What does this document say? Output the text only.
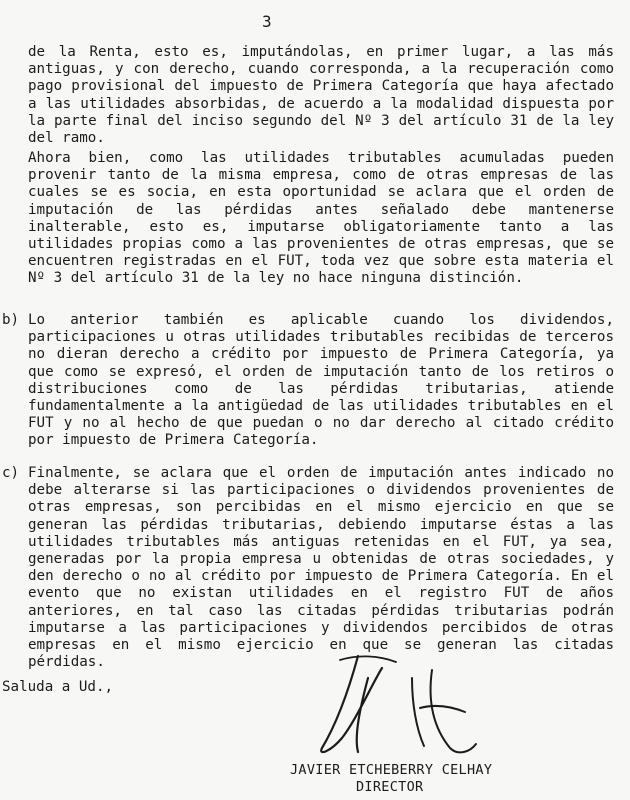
3

de la Renta, esto es, imputándolas, en primer lugar, a las más antiguas, y con derecho, cuando corresponda, a la recuperación como pago provisional del impuesto de Primera Categoría que haya afectado a las utilidades absorbidas, de acuerdo a la modalidad dispuesta por la parte final del inciso segundo del Nº 3 del artículo 31 de la ley del ramo.

Ahora bien, como las utilidades tributables acumuladas pueden provenir tanto de la misma empresa, como de otras empresas de las cuales se es socia, en esta oportunidad se aclara que el orden de imputación de las pérdidas antes señalado debe mantenerse inalterable, esto es, imputarse obligatoriamente tanto a las utilidades propias como a las provenientes de otras empresas, que se encuentren registradas en el FUT, toda vez que sobre esta materia el Nº 3 del artículo 31 de la ley no hace ninguna distinción.

b) Lo anterior también es aplicable cuando los dividendos, participaciones u otras utilidades tributables recibidas de terceros no dieran derecho a crédito por impuesto de Primera Categoría, ya que como se expresó, el orden de imputación tanto de los retiros o distribuciones como de las pérdidas tributarias, atiende fundamentalmente a la antigüedad de las utilidades tributables en el FUT y no al hecho de que puedan o no dar derecho al citado crédito por impuesto de Primera Categoría.

c) Finalmente, se aclara que el orden de imputación antes indicado no debe alterarse si las participaciones o dividendos provenientes de otras empresas, son percibidas en el mismo ejercicio en que se generan las pérdidas tributarias, debiendo imputarse éstas a las utilidades tributables más antiguas retenidas en el FUT, ya sea, generadas por la propia empresa u obtenidas de otras sociedades, y den derecho o no al crédito por impuesto de Primera Categoría. En el evento que no existan utilidades en el registro FUT de años anteriores, en tal caso las citadas pérdidas tributarias podrán imputarse a las participaciones y dividendos percibidos de otras empresas en el mismo ejercicio en que se generan las citadas pérdidas.

Saluda a Ud.,
JAVIER ETCHEBERRY CELHAY
DIRECTOR
